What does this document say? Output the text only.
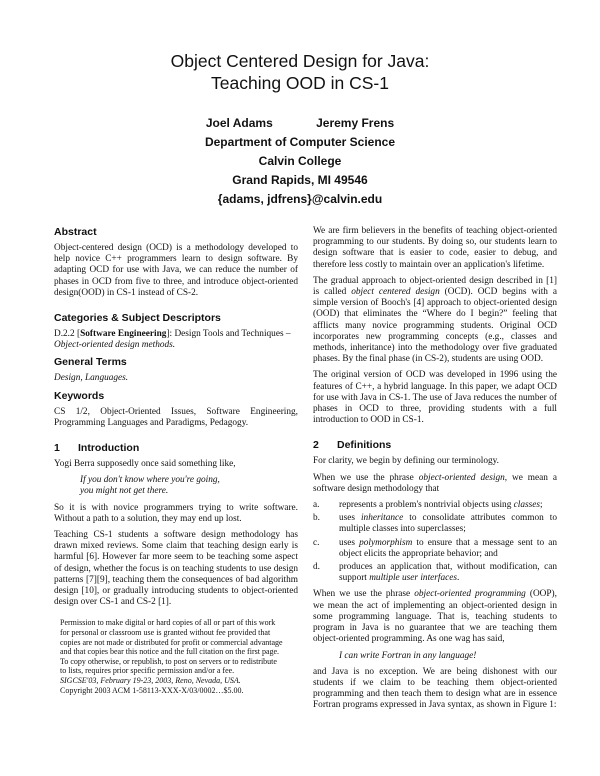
Object Centered Design for Java:
Teaching OOD in CS-1
Joel Adams	Jeremy Frens
Department of Computer Science
Calvin College
Grand Rapids, MI 49546
{adams, jdfrens}@calvin.edu
Abstract

Object-centered design (OCD) is a methodology developed to help novice C++ programmers learn to design software. By adapting OCD for use with Java, we can reduce the number of phases in OCD from five to three, and introduce object-oriented design(OOD) in CS-1 instead of CS-2.

Categories & Subject Descriptors

D.2.2 [Software Engineering]: Design Tools and Techniques –
Object-oriented design methods.

General Terms

Design, Languages.

Keywords

CS 1/2, Object-Oriented Issues, Software Engineering, Programming Languages and Paradigms, Pedagogy.

1	Introduction

Yogi Berra supposedly once said something like,

If you don't know where you're going,
you might not get there.

So it is with novice programmers trying to write software. Without a path to a solution, they may end up lost.

Teaching CS-1 students a software design methodology has drawn mixed reviews. Some claim that teaching design early is harmful [6]. However far more seem to be teaching some aspect of design, whether the focus is on teaching students to use design patterns [7][9], teaching them the consequences of bad algorithm design [10], or gradually introducing students to object-oriented design over CS-1 and CS-2 [1].

Permission to make digital or hard copies of all or part of this work

for personal or classroom use is granted without fee provided that

copies are not made or distributed for profit or commercial advantage

and that copies bear this notice and the full citation on the first page.

To copy otherwise, or republish, to post on servers or to redistribute

to lists, requires prior specific permission and/or a fee.

SIGCSE'03, February 19-23, 2003, Reno, Nevada, USA.

Copyright 2003 ACM 1-58113-XXX-X/03/0002…$5.00.

We are firm believers in the benefits of teaching object-oriented programming to our students. By doing so, our students learn to design software that is easier to code, easier to debug, and therefore less costly to maintain over an application's lifetime.

The gradual approach to object-oriented design described in [1] is called object centered design (OCD). OCD begins with a simple version of Booch's [4] approach to object-oriented design (OOD) that eliminates the “Where do I begin?” feeling that afflicts many novice programming students. Original OCD incorporates new programming concepts (e.g., classes and methods, inheritance) into the methodology over five graduated phases. By the final phase (in CS-2), students are using OOD.

The original version of OCD was developed in 1996 using the features of C++, a hybrid language. In this paper, we adapt OCD for use with Java in CS-1. The use of Java reduces the number of phases in OCD to three, providing students with a full introduction to OOD in CS-1.

2	Definitions

For clarity, we begin by defining our terminology.

When we use the phrase object-oriented design, we mean a software design methodology that

a.	represents a problem's nontrivial objects using classes;
b.	uses inheritance to consolidate attributes common to multiple classes into superclasses;
c.	uses polymorphism to ensure that a message sent to an object elicits the appropriate behavior; and
d.	produces an application that, without modification, can support multiple user interfaces.

When we use the phrase object-oriented programming (OOP), we mean the act of implementing an object-oriented design in some programming language. That is, teaching students to program in Java is no guarantee that we are teaching them object-oriented programming. As one wag has said,

I can write Fortran in any language!

and Java is no exception. We are being dishonest with our students if we claim to be teaching them object-oriented programming and then teach them to design what are in essence Fortran programs expressed in Java syntax, as shown in Figure 1:
